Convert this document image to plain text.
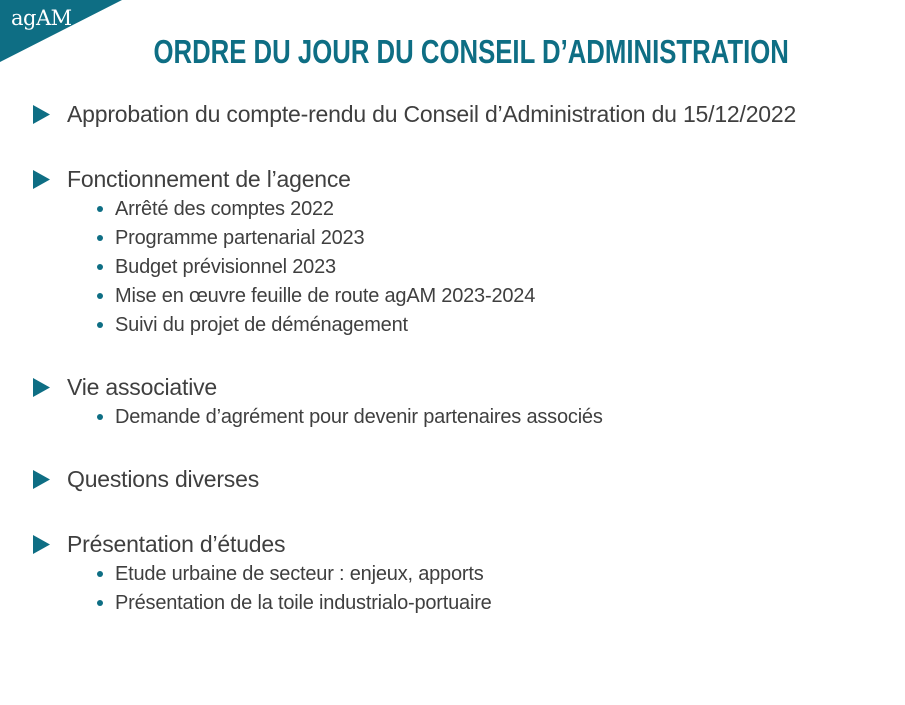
agAM
ORDRE DU JOUR DU CONSEIL D’ADMINISTRATION
Approbation du compte-rendu du Conseil d’Administration du 15/12/2022
Fonctionnement de l’agence
Arrêté des comptes 2022
Programme partenarial 2023
Budget prévisionnel 2023
Mise en œuvre feuille de route agAM 2023-2024
Suivi du projet de déménagement
Vie associative
Demande d’agrément pour devenir partenaires associés
Questions diverses
Présentation d’études
Etude urbaine de secteur : enjeux, apports
Présentation de la toile industrialo-portuaire
